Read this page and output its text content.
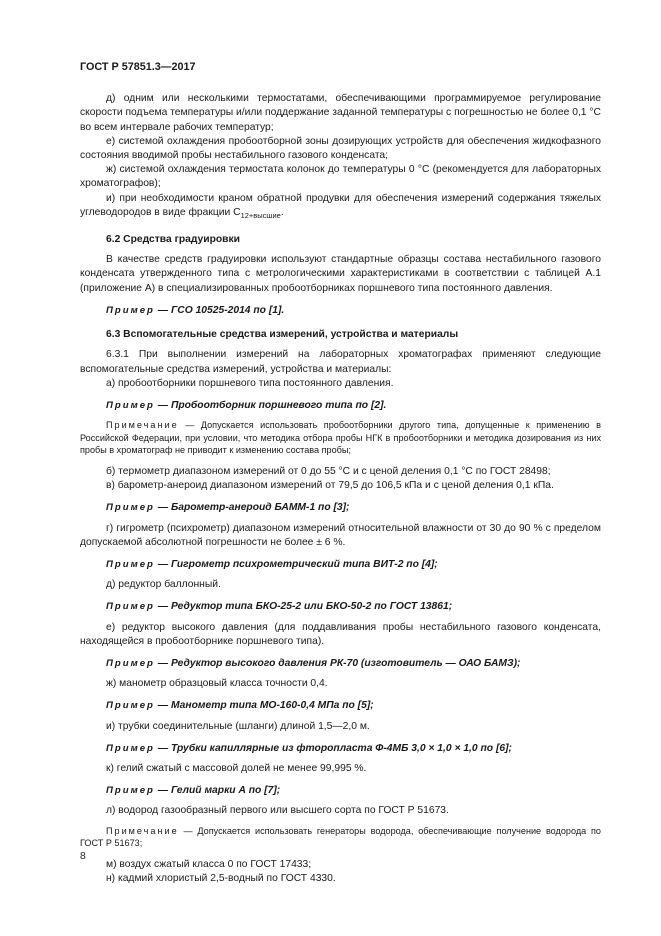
ГОСТ Р 57851.3—2017

д) одним или несколькими термостатами, обеспечивающими программируемое регулирование скорости подъема температуры и/или поддержание заданной температуры с погрешностью не более 0,1 °С во всем интервале рабочих температур;

е) системой охлаждения пробоотборной зоны дозирующих устройств для обеспечения жидкофазного состояния вводимой пробы нестабильного газового конденсата;

ж) системой охлаждения термостата колонок до температуры 0 °С (рекомендуется для лабораторных хроматографов);

и) при необходимости краном обратной продувки для обеспечения измерений содержания тяжелых углеводородов в виде фракции $С_{12+высшие}$.

6.2 Средства градуировки

В качестве средств градуировки используют стандартные образцы состава нестабильного газового конденсата утвержденного типа с метрологическими характеристиками в соответствии с таблицей А.1 (приложение А) в специализированных пробоотборниках поршневого типа постоянного давления.

Пример — ГСО 10525-2014 по [1].

6.3 Вспомогательные средства измерений, устройства и материалы

6.3.1 При выполнении измерений на лабораторных хроматографах применяют следующие вспомогательные средства измерений, устройства и материалы:

а) пробоотборники поршневого типа постоянного давления.

Пример — Пробоотборник поршневого типа по [2].

Примечание — Допускается использовать пробоотборники другого типа, допущенные к применению в Российской Федерации, при условии, что методика отбора пробы НГК в пробоотборники и методика дозирования из них пробы в хроматограф не приводит к изменению состава пробы;

б) термометр диапазоном измерений от 0 до 55 °С и с ценой деления 0,1 °С по ГОСТ 28498;

в) барометр-анероид диапазоном измерений от 79,5 до 106,5 кПа и с ценой деления 0,1 кПа.

Пример — Барометр-анероид БАММ-1 по [3];

г) гигрометр (психрометр) диапазоном измерений относительной влажности от 30 до 90 % с пределом допускаемой абсолютной погрешности не более ± 6 %.

Пример — Гигрометр психрометрический типа ВИТ-2 по [4];

д) редуктор баллонный.

Пример — Редуктор типа БКО-25-2 или БКО-50-2 по ГОСТ 13861;

е) редуктор высокого давления (для поддавливания пробы нестабильного газового конденсата, находящейся в пробоотборнике поршневого типа).

Пример — Редуктор высокого давления РК-70 (изготовитель — ОАО БАМЗ);

ж) манометр образцовый класса точности 0,4.

Пример — Манометр типа МО-160-0,4 МПа по [5];

и) трубки соединительные (шланги) длиной 1,5—2,0 м.

Пример — Трубки капиллярные из фторопласта Ф-4МБ 3,0 × 1,0 × 1,0 по [6];

к) гелий сжатый с массовой долей не менее 99,995 %.

Пример — Гелий марки А по [7];

л) водород газообразный первого или высшего сорта по ГОСТ Р 51673.

Примечание — Допускается использовать генераторы водорода, обеспечивающие получение водорода по ГОСТ Р 51673;

м) воздух сжатый класса 0 по ГОСТ 17433;

н) кадмий хлористый 2,5-водный по ГОСТ 4330.

8
